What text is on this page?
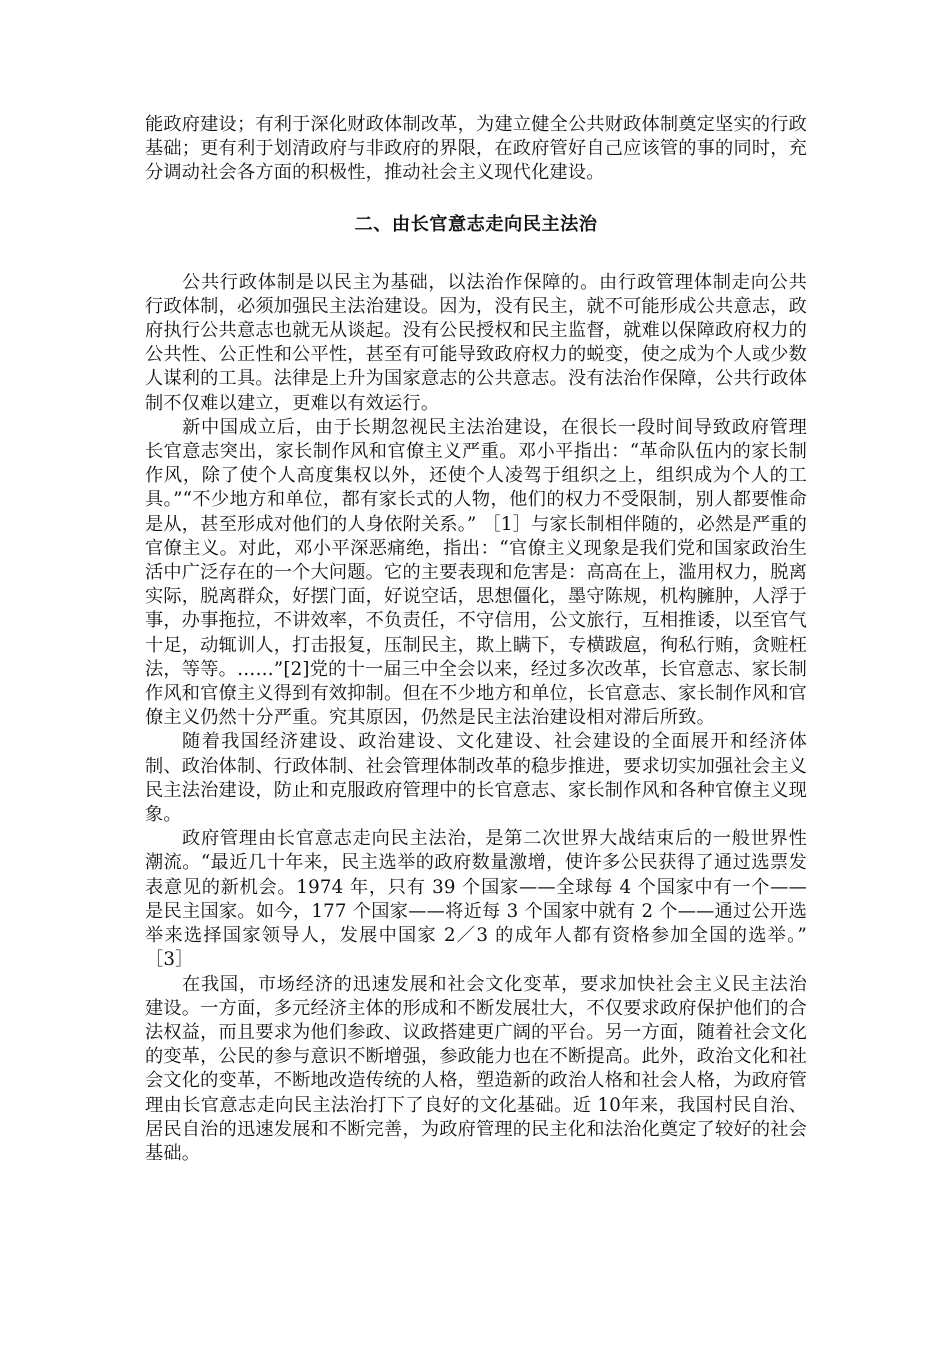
能政府建设；有利于深化财政体制改革，为建立健全公共财政体制奠定坚实的行政基础；更有利于划清政府与非政府的界限，在政府管好自己应该管的事的同时，充分调动社会各方面的积极性，推动社会主义现代化建设。

二、由长官意志走向民主法治

公共行政体制是以民主为基础，以法治作保障的。由行政管理体制走向公共行政体制，必须加强民主法治建设。因为，没有民主，就不可能形成公共意志，政府执行公共意志也就无从谈起。没有公民授权和民主监督，就难以保障政府权力的公共性、公正性和公平性，甚至有可能导致政府权力的蜕变，使之成为个人或少数人谋利的工具。法律是上升为国家意志的公共意志。没有法治作保障，公共行政体制不仅难以建立，更难以有效运行。

新中国成立后，由于长期忽视民主法治建设，在很长一段时间导致政府管理长官意志突出，家长制作风和官僚主义严重。邓小平指出：“革命队伍内的家长制作风，除了使个人高度集权以外，还使个人凌驾于组织之上，组织成为个人的工具。”“不少地方和单位，都有家长式的人物，他们的权力不受限制，别人都要惟命是从，甚至形成对他们的人身依附关系。” ［1］与家长制相伴随的，必然是严重的官僚主义。对此，邓小平深恶痛绝，指出：“官僚主义现象是我们党和国家政治生活中广泛存在的一个大问题。它的主要表现和危害是：高高在上，滥用权力，脱离实际，脱离群众，好摆门面，好说空话，思想僵化，墨守陈规，机构臃肿，人浮于事，办事拖拉，不讲效率，不负责任，不守信用，公文旅行，互相推诿，以至官气十足，动辄训人，打击报复，压制民主，欺上瞒下，专横跋扈，徇私行贿，贪赃枉法，等等。……”[2]党的十一届三中全会以来，经过多次改革，长官意志、家长制作风和官僚主义得到有效抑制。但在不少地方和单位，长官意志、家长制作风和官僚主义仍然十分严重。究其原因，仍然是民主法治建设相对滞后所致。

随着我国经济建设、政治建设、文化建设、社会建设的全面展开和经济体制、政治体制、行政体制、社会管理体制改革的稳步推进，要求切实加强社会主义民主法治建设，防止和克服政府管理中的长官意志、家长制作风和各种官僚主义现象。

政府管理由长官意志走向民主法治，是第二次世界大战结束后的一般世界性潮流。“最近几十年来，民主选举的政府数量激增，使许多公民获得了通过选票发表意见的新机会。1974 年，只有 39 个国家——全球每 4 个国家中有一个——是民主国家。如今，177 个国家——将近每 3 个国家中就有 2 个——通过公开选举来选择国家领导人，发展中国家 2／3 的成年人都有资格参加全国的选举。” ［3］

在我国，市场经济的迅速发展和社会文化变革，要求加快社会主义民主法治建设。一方面，多元经济主体的形成和不断发展壮大，不仅要求政府保护他们的合法权益，而且要求为他们参政、议政搭建更广阔的平台。另一方面，随着社会文化的变革，公民的参与意识不断增强，参政能力也在不断提高。此外，政治文化和社会文化的变革，不断地改造传统的人格，塑造新的政治人格和社会人格，为政府管理由长官意志走向民主法治打下了良好的文化基础。近 10年来，我国村民自治、居民自治的迅速发展和不断完善，为政府管理的民主化和法治化奠定了较好的社会基础。
